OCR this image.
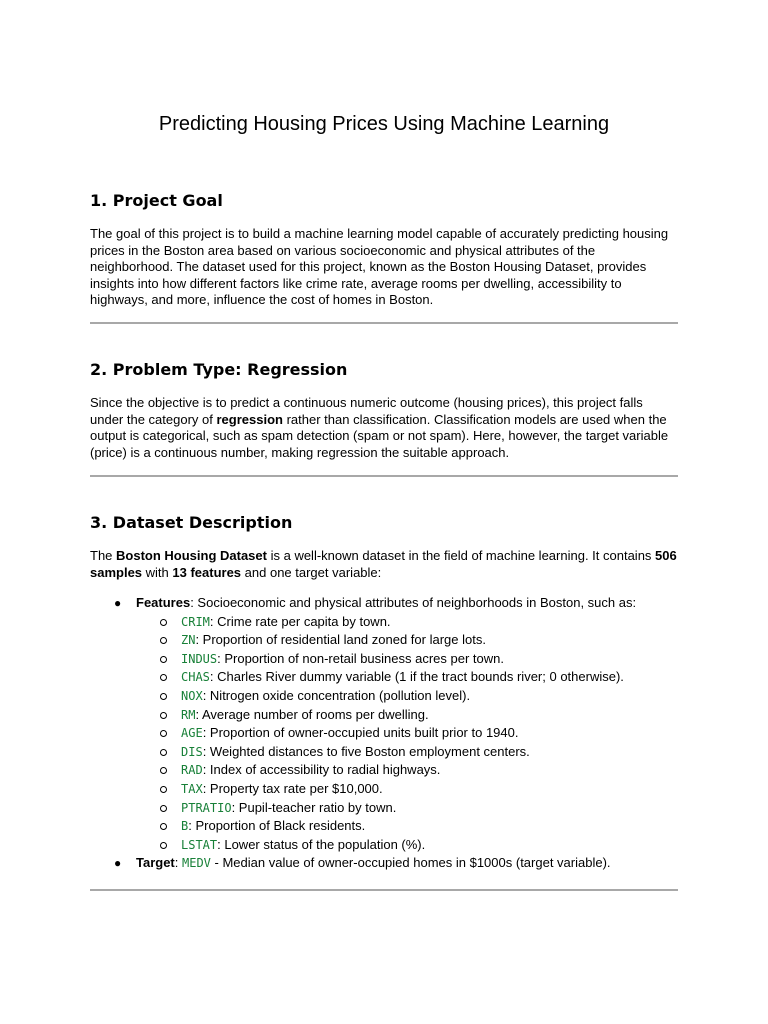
Predicting Housing Prices Using Machine Learning
1. Project Goal

The goal of this project is to build a machine learning model capable of accurately predicting housing prices in the Boston area based on various socioeconomic and physical attributes of the neighborhood. The dataset used for this project, known as the Boston Housing Dataset, provides insights into how different factors like crime rate, average rooms per dwelling, accessibility to highways, and more, influence the cost of homes in Boston.

2. Problem Type: Regression

Since the objective is to predict a continuous numeric outcome (housing prices), this project falls under the category of regression rather than classification. Classification models are used when the output is categorical, such as spam detection (spam or not spam). Here, however, the target variable (price) is a continuous number, making regression the suitable approach.

3. Dataset Description

The Boston Housing Dataset is a well-known dataset in the field of machine learning. It contains 506 samples with 13 features and one target variable:

● Features: Socioeconomic and physical attributes of neighborhoods in Boston, such as:
CRIM: Crime rate per capita by town.
ZN: Proportion of residential land zoned for large lots.
INDUS: Proportion of non-retail business acres per town.
CHAS: Charles River dummy variable (1 if the tract bounds river; 0 otherwise).
NOX: Nitrogen oxide concentration (pollution level).
RM: Average number of rooms per dwelling.
AGE: Proportion of owner-occupied units built prior to 1940.
DIS: Weighted distances to five Boston employment centers.
RAD: Index of accessibility to radial highways.
TAX: Property tax rate per $10,000.
PTRATIO: Pupil-teacher ratio by town.
B: Proportion of Black residents.
LSTAT: Lower status of the population (%).
● Target: MEDV - Median value of owner-occupied homes in $1000s (target variable).
